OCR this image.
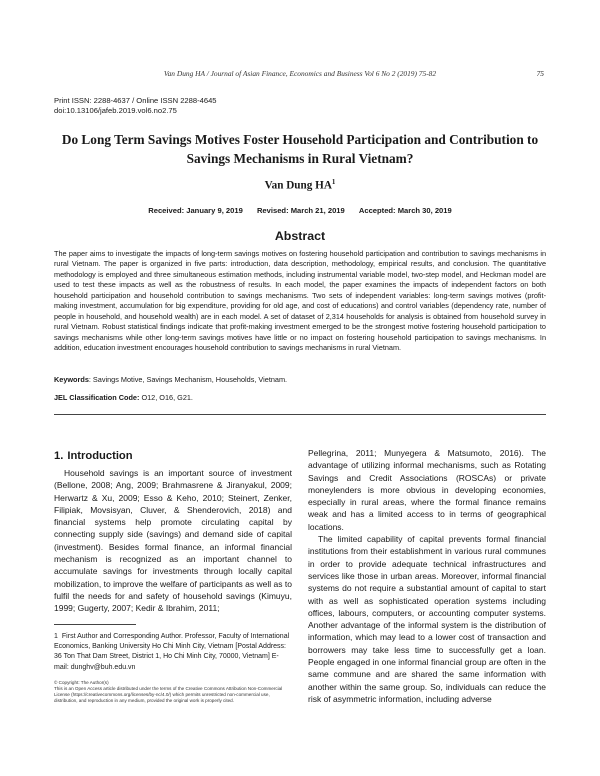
Van Dung HA / Journal of Asian Finance, Economics and Business Vol 6 No 2 (2019) 75-82	75
Print ISSN: 2288-4637 / Online ISSN 2288-4645
doi:10.13106/jafeb.2019.vol6.no2.75
Do Long Term Savings Motives Foster Household Participation and Contribution to Savings Mechanisms in Rural Vietnam?
Van Dung $HA^1$
Received: January 9, 2019 Revised: March 21, 2019 Accepted: March 30, 2019
Abstract
The paper aims to investigate the impacts of long-term savings motives on fostering household participation and contribution to savings mechanisms in rural Vietnam. The paper is organized in five parts: introduction, data description, methodology, empirical results, and conclusion. The quantitative methodology is employed and three simultaneous estimation methods, including instrumental variable model, two-step model, and Heckman model are used to test these impacts as well as the robustness of results. In each model, the paper examines the impacts of independent factors on both household participation and household contribution to savings mechanisms. Two sets of independent variables: long-term savings motives (profit-making investment, accumulation for big expenditure, providing for old age, and cost of educations) and control variables (dependency rate, number of people in household, and household wealth) are in each model. A set of dataset of 2,314 households for analysis is obtained from household survey in rural Vietnam. Robust statistical findings indicate that profit-making investment emerged to be the strongest motive fostering household participation to savings mechanisms while other long-term savings motives have little or no impact on fostering household participation to savings mechanisms. In addition, education investment encourages household contribution to savings mechanisms in rural Vietnam.
Keywords: Savings Motive, Savings Mechanism, Households, Vietnam.
JEL Classification Code: O12, O16, G21.
1. Introduction
Household savings is an important source of investment (Bellone, 2008; Ang, 2009; Brahmasrene & Jiranyakul, 2009; Herwartz & Xu, 2009; Esso & Keho, 2010; Steinert, Zenker, Filipiak, Movsisyan, Cluver, & Shenderovich, 2018) and financial systems help promote circulating capital by connecting supply side (savings) and demand side of capital (investment). Besides formal finance, an informal financial mechanism is recognized as an important channel to accumulate savings for investments through locally capital mobilization, to improve the welfare of participants as well as to fulfil the needs for and safety of household savings (Kimuyu, 1999; Gugerty, 2007; Kedir & Ibrahim, 2011;

Pellegrina, 2011; Munyegera & Matsumoto, 2016). The advantage of utilizing informal mechanisms, such as Rotating Savings and Credit Associations (ROSCAs) or private moneylenders is more obvious in developing economies, especially in rural areas, where the formal finance remains weak and has a limited access to in terms of geographical locations.

The limited capability of capital prevents formal financial institutions from their establishment in various rural communes in order to provide adequate technical infrastructures and services like those in urban areas. Moreover, informal financial systems do not require a substantial amount of capital to start with as well as sophisticated operation systems including offices, labours, computers, or accounting computer systems. Another advantage of the informal system is the distribution of information, which may lead to a lower cost of transaction and borrowers may take less time to successfully get a loan. People engaged in one informal financial group are often in the same commune and are shared the same information with another within the same group. So, individuals can reduce the risk of asymmetric information, including adverse

1 First Author and Corresponding Author. Professor, Faculty of International Economics, Banking University Ho Chi Minh City, Vietnam [Postal Address: 36 Ton That Dam Street, District 1, Ho Chi Minh City, 70000, Vietnam] E-mail: dunghv@buh.edu.vn
© Copyright: The Author(s)
This is an Open Access article distributed under the terms of the Creative Commons Attribution Non-Commercial License (https://creativecommons.org/licenses/by-nc/4.0/) which permits unrestricted non-commercial use, distribution, and reproduction in any medium, provided the original work is properly cited.
